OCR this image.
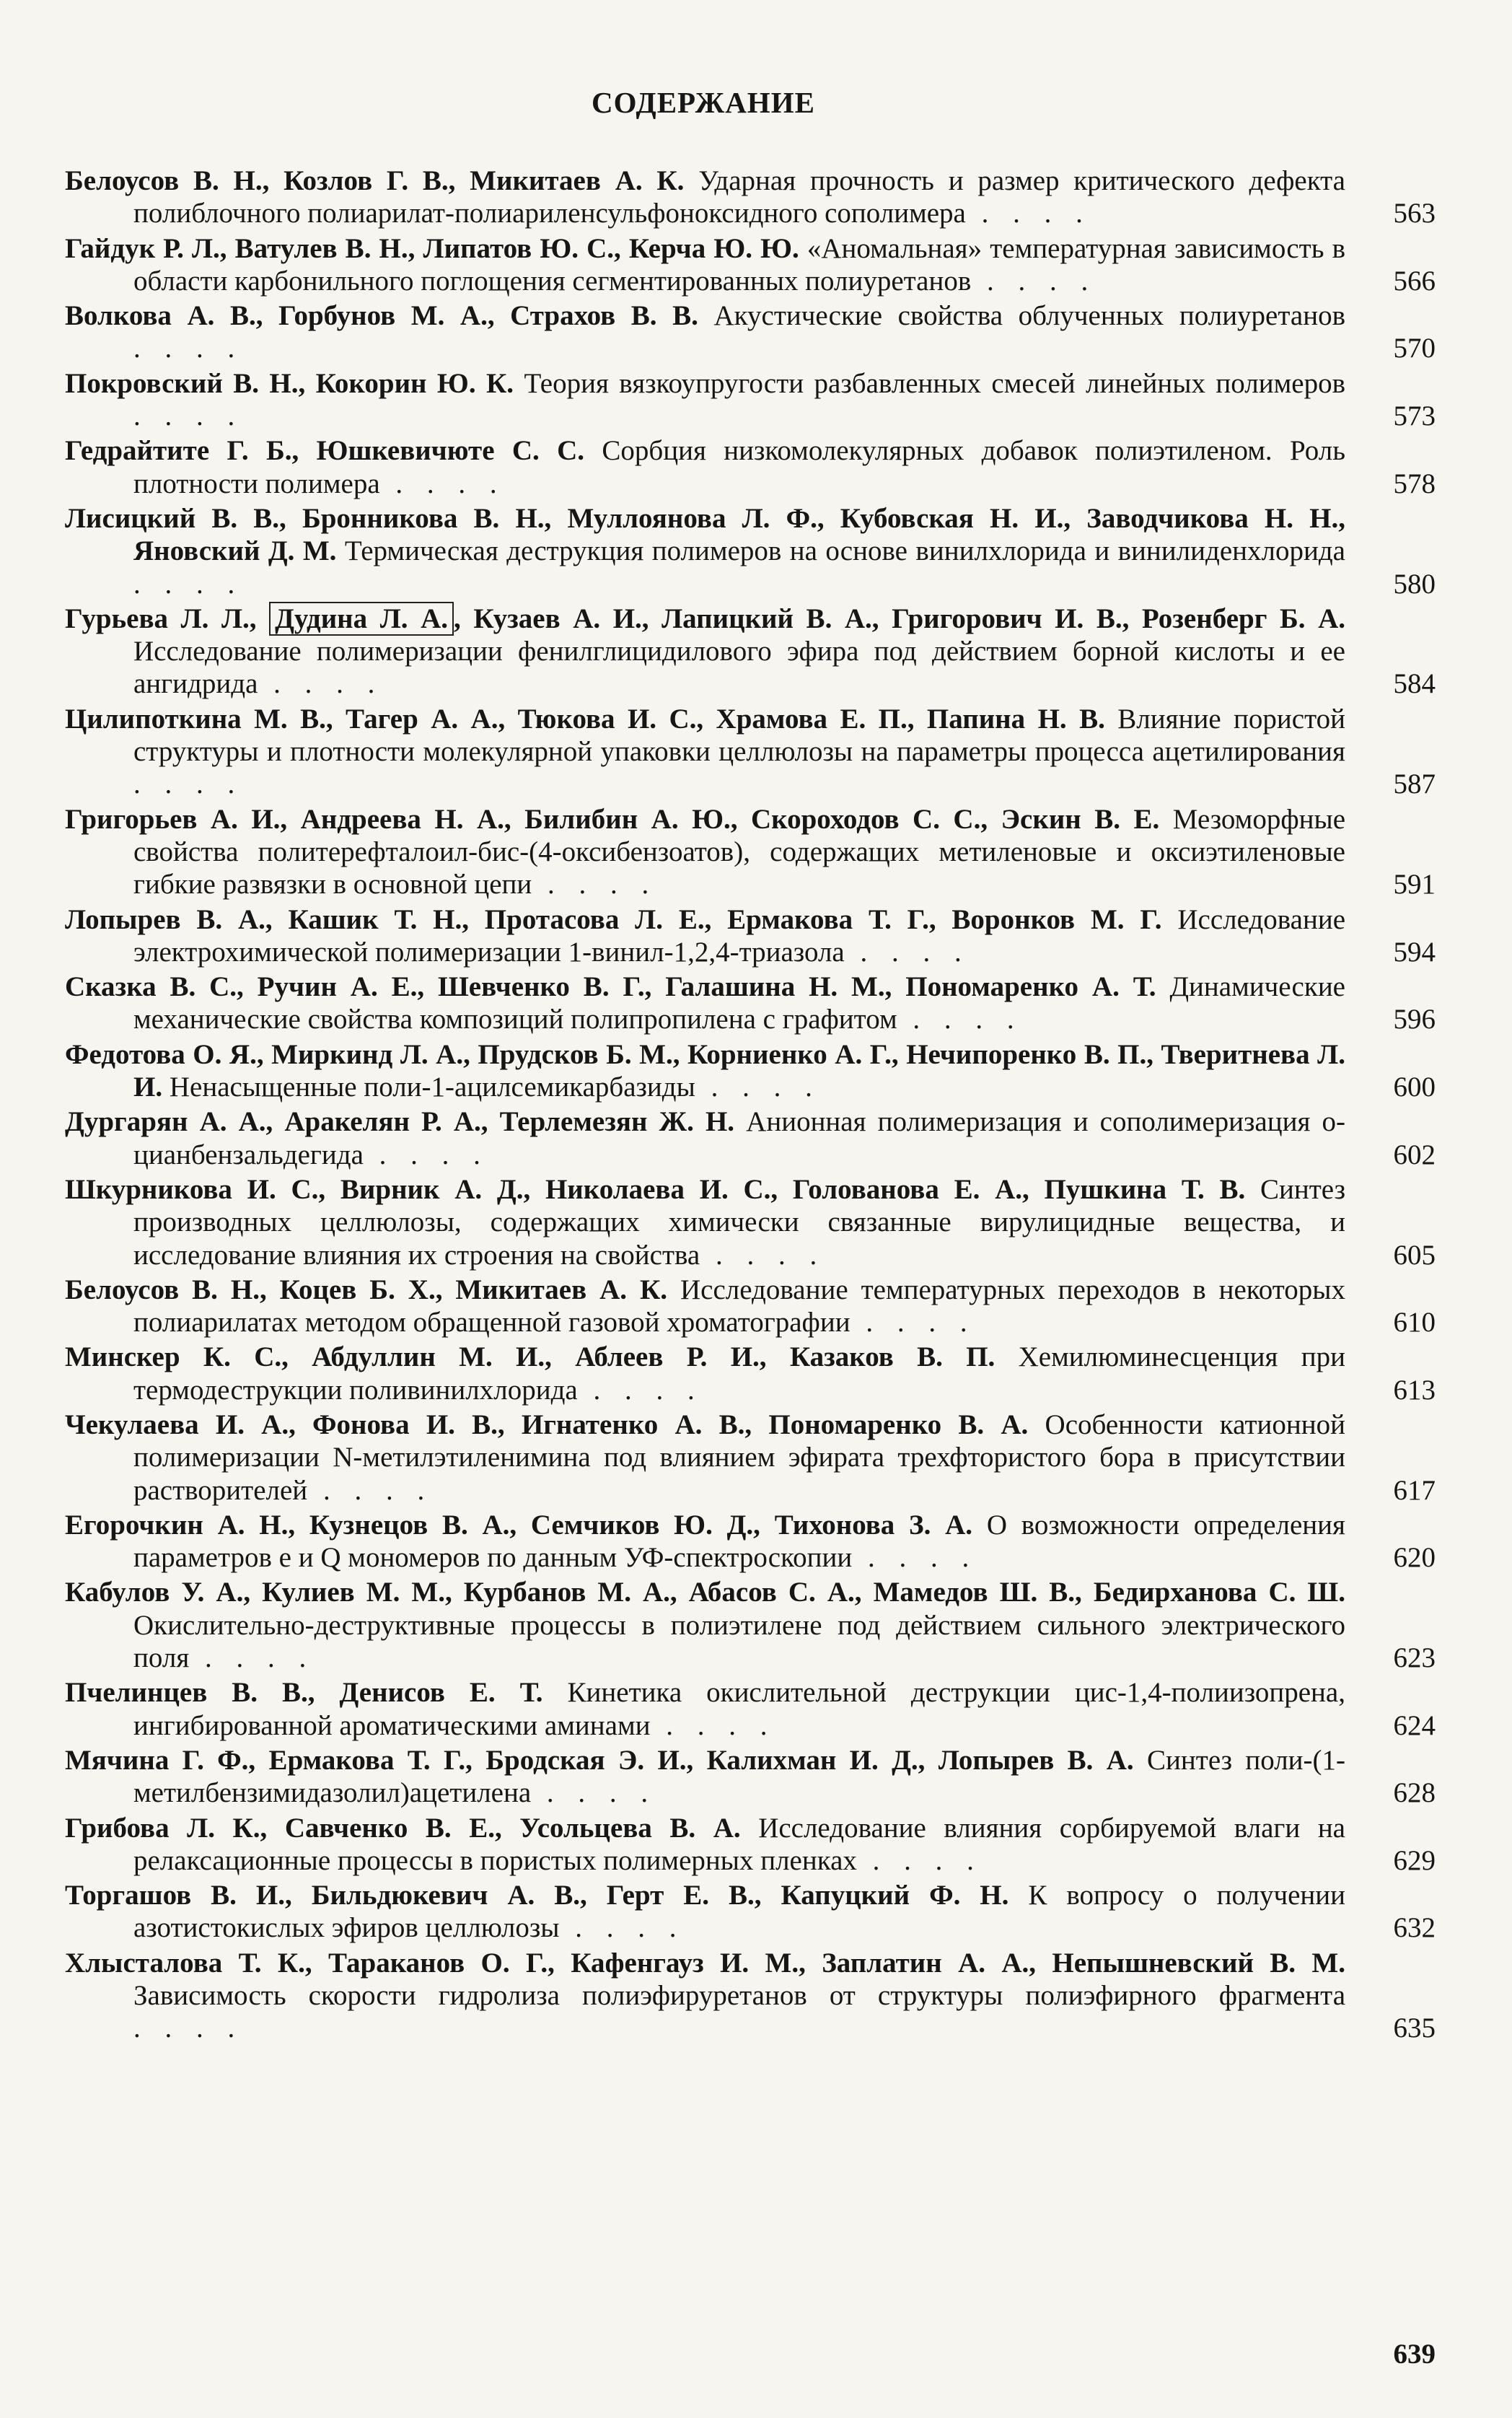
СОДЕРЖАНИЕ
Белоусов В. Н., Козлов Г. В., Микитаев А. К. Ударная прочность и размер критического дефекта полиблочного полиарилат-полиариленсульфоноксидного сополимера . . . .	563
Гайдук Р. Л., Ватулев В. Н., Липатов Ю. С., Керча Ю. Ю. «Аномальная» температурная зависимость в области карбонильного поглощения сегментированных полиуретанов . . . .	566
Волкова А. В., Горбунов М. А., Страхов В. В. Акустические свойства облученных полиуретанов . . . .	570
Покровский В. Н., Кокорин Ю. К. Теория вязкоупругости разбавленных смесей линейных полимеров . . . .	573
Гедрайтите Г. Б., Юшкевичюте С. С. Сорбция низкомолекулярных добавок полиэтиленом. Роль плотности полимера . . . .	578
Лисицкий В. В., Бронникова В. Н., Муллоянова Л. Ф., Кубовская Н. И., Заводчикова Н. Н., Яновский Д. М. Термическая деструкция полимеров на основе винилхлорида и винилиденхлорида . . . .	580
Гурьева Л. Л., Дудина Л. А. , Кузаев А. И., Лапицкий В. А., Григорович И. В., Розенберг Б. А. Исследование полимеризации фенилглицидилового эфира под действием борной кислоты и ее ангидрида . . . .	584
Цилипоткина М. В., Тагер А. А., Тюкова И. С., Храмова Е. П., Папина Н. В. Влияние пористой структуры и плотности молекулярной упаковки целлюлозы на параметры процесса ацетилирования . . . .	587
Григорьев А. И., Андреева Н. А., Билибин А. Ю., Скороходов С. С., Эскин В. Е. Мезоморфные свойства политерефталоил-бис-(4-оксибензоатов), содержащих метиленовые и оксиэтиленовые гибкие развязки в основной цепи . . . .	591
Лопырев В. А., Кашик Т. Н., Протасова Л. Е., Ермакова Т. Г., Воронков М. Г. Исследование электрохимической полимеризации 1-винил-1,2,4-триазола . . . .	594
Сказка В. С., Ручин А. Е., Шевченко В. Г., Галашина Н. М., Пономаренко А. Т. Динамические механические свойства композиций полипропилена с графитом . . . .	596
Федотова О. Я., Миркинд Л. А., Прудсков Б. М., Корниенко А. Г., Нечипоренко В. П., Тверитнева Л. И. Ненасыщенные поли-1-ацилсемикарбазиды . . . .	600
Дургарян А. А., Аракелян Р. А., Терлемезян Ж. Н. Анионная полимеризация и сополимеризация о-цианбензальдегида . . . .	602
Шкурникова И. С., Вирник А. Д., Николаева И. С., Голованова Е. А., Пушкина Т. В. Синтез производных целлюлозы, содержащих химически связанные вирулицидные вещества, и исследование влияния их строения на свойства . . . .	605
Белоусов В. Н., Коцев Б. Х., Микитаев А. К. Исследование температурных переходов в некоторых полиарилатах методом обращенной газовой хроматографии . . . .	610
Минскер К. С., Абдуллин М. И., Аблеев Р. И., Казаков В. П. Хемилюминесценция при термодеструкции поливинилхлорида . . . .	613
Чекулаева И. А., Фонова И. В., Игнатенко А. В., Пономаренко В. А. Особенности катионной полимеризации N-метилэтиленимина под влиянием эфирата трехфтористого бора в присутствии растворителей . . . .	617
Егорочкин А. Н., Кузнецов В. А., Семчиков Ю. Д., Тихонова З. А. О возможности определения параметров e и Q мономеров по данным УФ-спектроскопии . . . .	620
Кабулов У. А., Кулиев М. М., Курбанов М. А., Абасов С. А., Мамедов Ш. В., Бедирханова С. Ш. Окислительно-деструктивные процессы в полиэтилене под действием сильного электрического поля . . . .	623
Пчелинцев В. В., Денисов Е. Т. Кинетика окислительной деструкции цис-1,4-полиизопрена, ингибированной ароматическими аминами . . . .	624
Мячина Г. Ф., Ермакова Т. Г., Бродская Э. И., Калихман И. Д., Лопырев В. А. Синтез поли-(1-метилбензимидазолил)ацетилена . . . .	628
Грибова Л. К., Савченко В. Е., Усольцева В. А. Исследование влияния сорбируемой влаги на релаксационные процессы в пористых полимерных пленках . . . .	629
Торгашов В. И., Бильдюкевич А. В., Герт Е. В., Капуцкий Ф. Н. К вопросу о получении азотистокислых эфиров целлюлозы . . . .	632
Хлысталова Т. К., Тараканов О. Г., Кафенгауз И. М., Заплатин А. А., Непышневский В. М. Зависимость скорости гидролиза полиэфируретанов от структуры полиэфирного фрагмента . . . .	635
639
